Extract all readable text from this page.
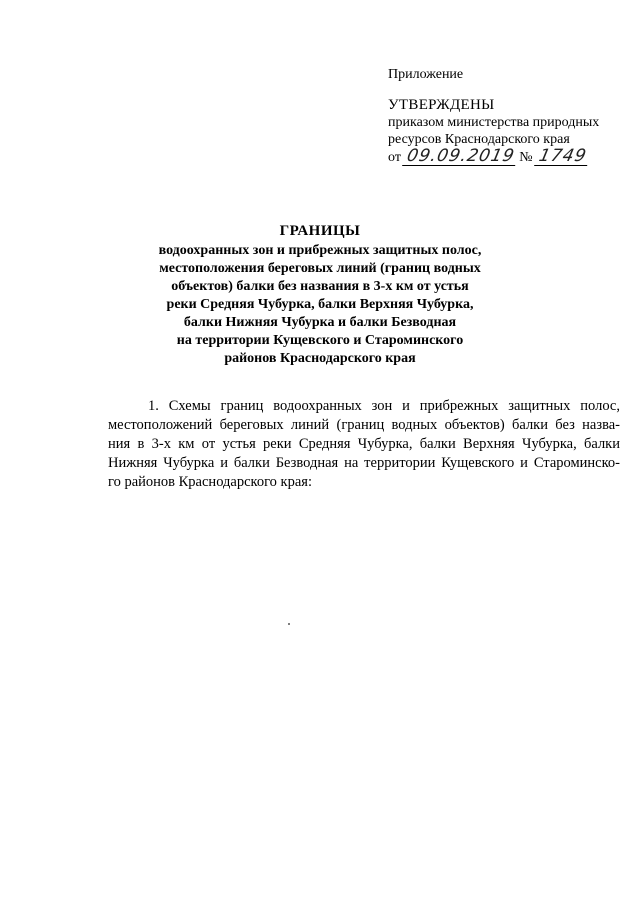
Приложение
УТВЕРЖДЕНЫ
приказом министерства природных
ресурсов Краснодарского края
от 09.09.2019 № 1749
ГРАНИЦЫ
водоохранных зон и прибрежных защитных полос,
местоположения береговых линий (границ водных
объектов) балки без названия в 3-х км от устья
реки Средняя Чубурка, балки Верхняя Чубурка,
балки Нижняя Чубурка и балки Безводная
на территории Кущевского и Староминского
районов Краснодарского края
1. Схемы границ водоохранных зон и прибрежных защитных полос,
местоположений береговых линий (границ водных объектов) балки без назва-
ния в 3-х км от устья реки Средняя Чубурка, балки Верхняя Чубурка, балки
Нижняя Чубурка и балки Безводная на территории Кущевского и Староминско-
го районов Краснодарского края:
